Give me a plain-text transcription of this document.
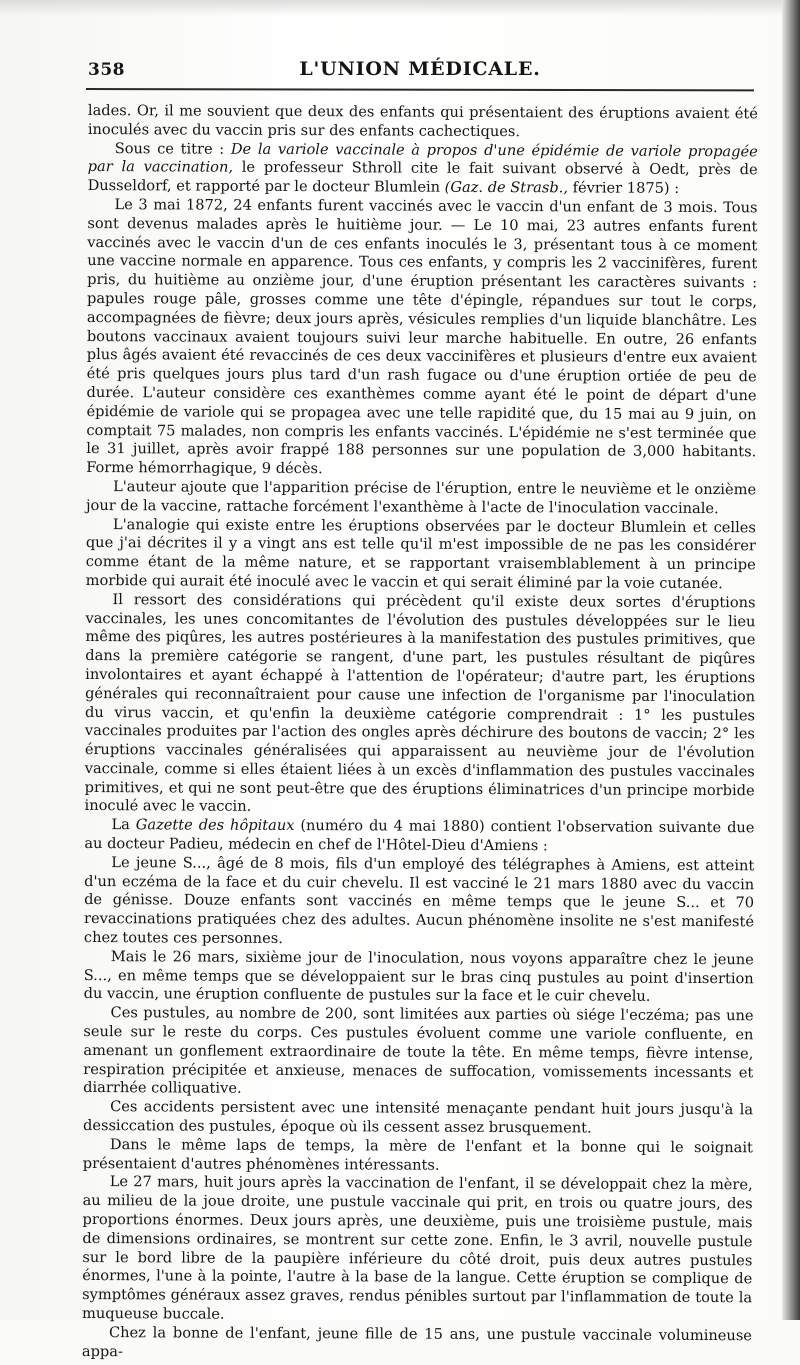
358	L'UNION MÉDICALE.

lades. Or, il me souvient que deux des enfants qui présentaient des éruptions avaient été inoculés avec du vaccin pris sur des enfants cachectiques.

Sous ce titre : De la variole vaccinale à propos d'une épidémie de variole propagée par la vaccination, le professeur Sthroll cite le fait suivant observé à Oedt, près de Dusseldorf, et rapporté par le docteur Blumlein (Gaz. de Strasb., février 1875) :

Le 3 mai 1872, 24 enfants furent vaccinés avec le vaccin d'un enfant de 3 mois. Tous sont devenus malades après le huitième jour. — Le 10 mai, 23 autres enfants furent vaccinés avec le vaccin d'un de ces enfants inoculés le 3, présentant tous à ce moment une vaccine normale en apparence. Tous ces enfants, y compris les 2 vaccinifères, furent pris, du huitième au onzième jour, d'une éruption présentant les caractères suivants : papules rouge pâle, grosses comme une tête d'épingle, répandues sur tout le corps, accompagnées de fièvre; deux jours après, vésicules remplies d'un liquide blanchâtre. Les boutons vaccinaux avaient toujours suivi leur marche habituelle. En outre, 26 enfants plus âgés avaient été revaccinés de ces deux vaccinifères et plusieurs d'entre eux avaient été pris quelques jours plus tard d'un rash fugace ou d'une éruption ortiée de peu de durée. L'auteur considère ces exanthèmes comme ayant été le point de départ d'une épidémie de variole qui se propagea avec une telle rapidité que, du 15 mai au 9 juin, on comptait 75 malades, non compris les enfants vaccinés. L'épidémie ne s'est terminée que le 31 juillet, après avoir frappé 188 personnes sur une population de 3,000 habitants. Forme hémorrhagique, 9 décès.

L'auteur ajoute que l'apparition précise de l'éruption, entre le neuvième et le onzième jour de la vaccine, rattache forcément l'exanthème à l'acte de l'inoculation vaccinale.

L'analogie qui existe entre les éruptions observées par le docteur Blumlein et celles que j'ai décrites il y a vingt ans est telle qu'il m'est impossible de ne pas les considérer comme étant de la même nature, et se rapportant vraisemblablement à un principe morbide qui aurait été inoculé avec le vaccin et qui serait éliminé par la voie cutanée.

Il ressort des considérations qui précèdent qu'il existe deux sortes d'éruptions vaccinales, les unes concomitantes de l'évolution des pustules développées sur le lieu même des piqûres, les autres postérieures à la manifestation des pustules primitives, que dans la première catégorie se rangent, d'une part, les pustules résultant de piqûres involontaires et ayant échappé à l'attention de l'opérateur; d'autre part, les éruptions générales qui reconnaîtraient pour cause une infection de l'organisme par l'inoculation du virus vaccin, et qu'enfin la deuxième catégorie comprendrait : 1° les pustules vaccinales produites par l'action des ongles après déchirure des boutons de vaccin; 2° les éruptions vaccinales généralisées qui apparaissent au neuvième jour de l'évolution vaccinale, comme si elles étaient liées à un excès d'inflammation des pustules vaccinales primitives, et qui ne sont peut-être que des éruptions éliminatrices d'un principe morbide inoculé avec le vaccin.

La Gazette des hôpitaux (numéro du 4 mai 1880) contient l'observation suivante due au docteur Padieu, médecin en chef de l'Hôtel-Dieu d'Amiens :

Le jeune S..., âgé de 8 mois, fils d'un employé des télégraphes à Amiens, est atteint d'un eczéma de la face et du cuir chevelu. Il est vacciné le 21 mars 1880 avec du vaccin de génisse. Douze enfants sont vaccinés en même temps que le jeune S... et 70 revaccinations pratiquées chez des adultes. Aucun phénomène insolite ne s'est manifesté chez toutes ces personnes.

Mais le 26 mars, sixième jour de l'inoculation, nous voyons apparaître chez le jeune S..., en même temps que se développaient sur le bras cinq pustules au point d'insertion du vaccin, une éruption confluente de pustules sur la face et le cuir chevelu.

Ces pustules, au nombre de 200, sont limitées aux parties où siége l'eczéma; pas une seule sur le reste du corps. Ces pustules évoluent comme une variole confluente, en amenant un gonflement extraordinaire de toute la tête. En même temps, fièvre intense, respiration précipitée et anxieuse, menaces de suffocation, vomissements incessants et diarrhée colliquative.

Ces accidents persistent avec une intensité menaçante pendant huit jours jusqu'à la dessiccation des pustules, époque où ils cessent assez brusquement.

Dans le même laps de temps, la mère de l'enfant et la bonne qui le soignait présentaient d'autres phénomènes intéressants.

Le 27 mars, huit jours après la vaccination de l'enfant, il se développait chez la mère, au milieu de la joue droite, une pustule vaccinale qui prit, en trois ou quatre jours, des proportions énormes. Deux jours après, une deuxième, puis une troisième pustule, mais de dimensions ordinaires, se montrent sur cette zone. Enfin, le 3 avril, nouvelle pustule sur le bord libre de la paupière inférieure du côté droit, puis deux autres pustules énormes, l'une à la pointe, l'autre à la base de la langue. Cette éruption se complique de symptômes généraux assez graves, rendus pénibles surtout par l'inflammation de toute la muqueuse buccale.

Chez la bonne de l'enfant, jeune fille de 15 ans, une pustule vaccinale volumineuse appa-
